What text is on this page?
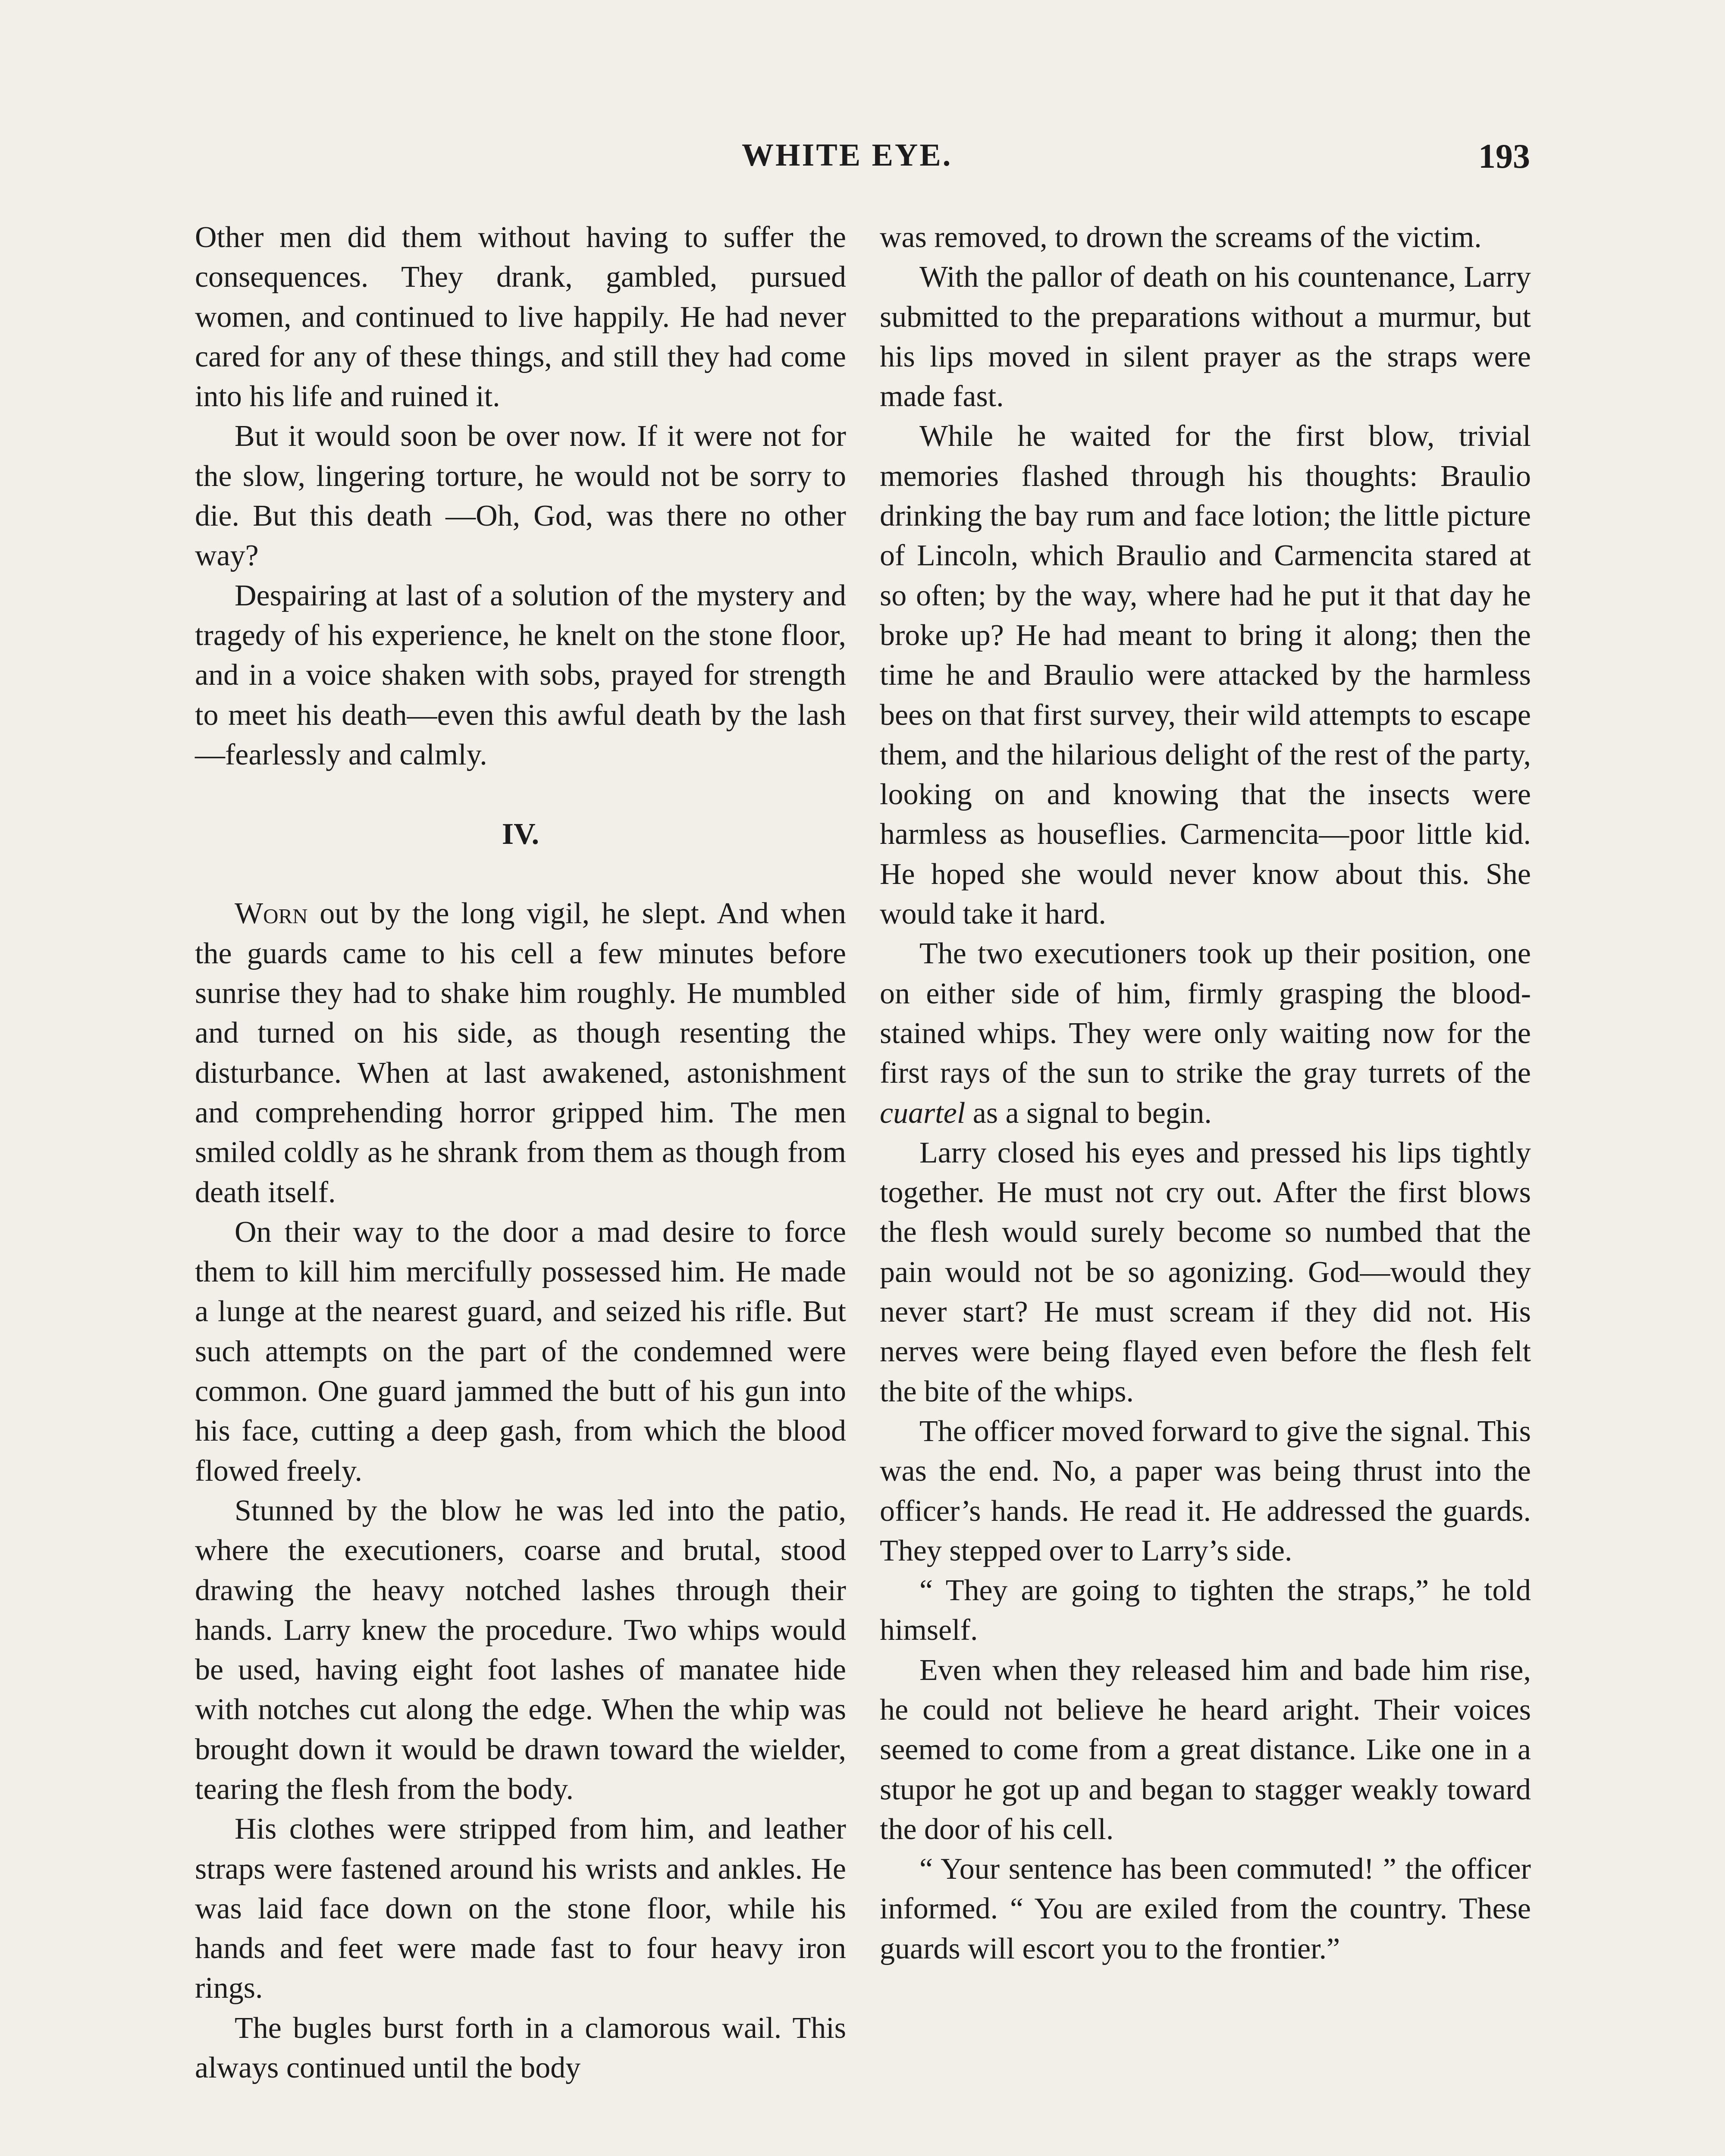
WHITE EYE.	193

Other men did them without having to suffer the consequences. They drank, gambled, pursued women, and continued to live happily. He had never cared for any of these things, and still they had come into his life and ruined it.

But it would soon be over now. If it were not for the slow, lingering torture, he would not be sorry to die. But this death —Oh, God, was there no other way?

Despairing at last of a solution of the mystery and tragedy of his experience, he knelt on the stone floor, and in a voice shaken with sobs, prayed for strength to meet his death—even this awful death by the lash—fearlessly and calmly.

IV.

Worn out by the long vigil, he slept. And when the guards came to his cell a few minutes before sunrise they had to shake him roughly. He mumbled and turned on his side, as though resenting the disturbance. When at last awakened, astonishment and comprehending horror gripped him. The men smiled coldly as he shrank from them as though from death itself.

On their way to the door a mad desire to force them to kill him mercifully possessed him. He made a lunge at the nearest guard, and seized his rifle. But such attempts on the part of the condemned were common. One guard jammed the butt of his gun into his face, cutting a deep gash, from which the blood flowed freely.

Stunned by the blow he was led into the patio, where the executioners, coarse and brutal, stood drawing the heavy notched lashes through their hands. Larry knew the procedure. Two whips would be used, having eight foot lashes of manatee hide with notches cut along the edge. When the whip was brought down it would be drawn toward the wielder, tearing the flesh from the body.

His clothes were stripped from him, and leather straps were fastened around his wrists and ankles. He was laid face down on the stone floor, while his hands and feet were made fast to four heavy iron rings.

The bugles burst forth in a clamorous wail. This always continued until the body

was removed, to drown the screams of the victim.

With the pallor of death on his countenance, Larry submitted to the preparations without a murmur, but his lips moved in silent prayer as the straps were made fast.

While he waited for the first blow, trivial memories flashed through his thoughts: Braulio drinking the bay rum and face lotion; the little picture of Lincoln, which Braulio and Carmencita stared at so often; by the way, where had he put it that day he broke up? He had meant to bring it along; then the time he and Braulio were attacked by the harmless bees on that first survey, their wild attempts to escape them, and the hilarious delight of the rest of the party, looking on and knowing that the insects were harmless as houseflies. Carmencita—poor little kid. He hoped she would never know about this. She would take it hard.

The two executioners took up their position, one on either side of him, firmly grasping the blood-stained whips. They were only waiting now for the first rays of the sun to strike the gray turrets of the cuartel as a signal to begin.

Larry closed his eyes and pressed his lips tightly together. He must not cry out. After the first blows the flesh would surely become so numbed that the pain would not be so agonizing. God—would they never start? He must scream if they did not. His nerves were being flayed even before the flesh felt the bite of the whips.

The officer moved forward to give the signal. This was the end. No, a paper was being thrust into the officer’s hands. He read it. He addressed the guards. They stepped over to Larry’s side.

“ They are going to tighten the straps,” he told himself.

Even when they released him and bade him rise, he could not believe he heard aright. Their voices seemed to come from a great distance. Like one in a stupor he got up and began to stagger weakly toward the door of his cell.

“ Your sentence has been commuted! ” the officer informed. “ You are exiled from the country. These guards will escort you to the frontier.”
